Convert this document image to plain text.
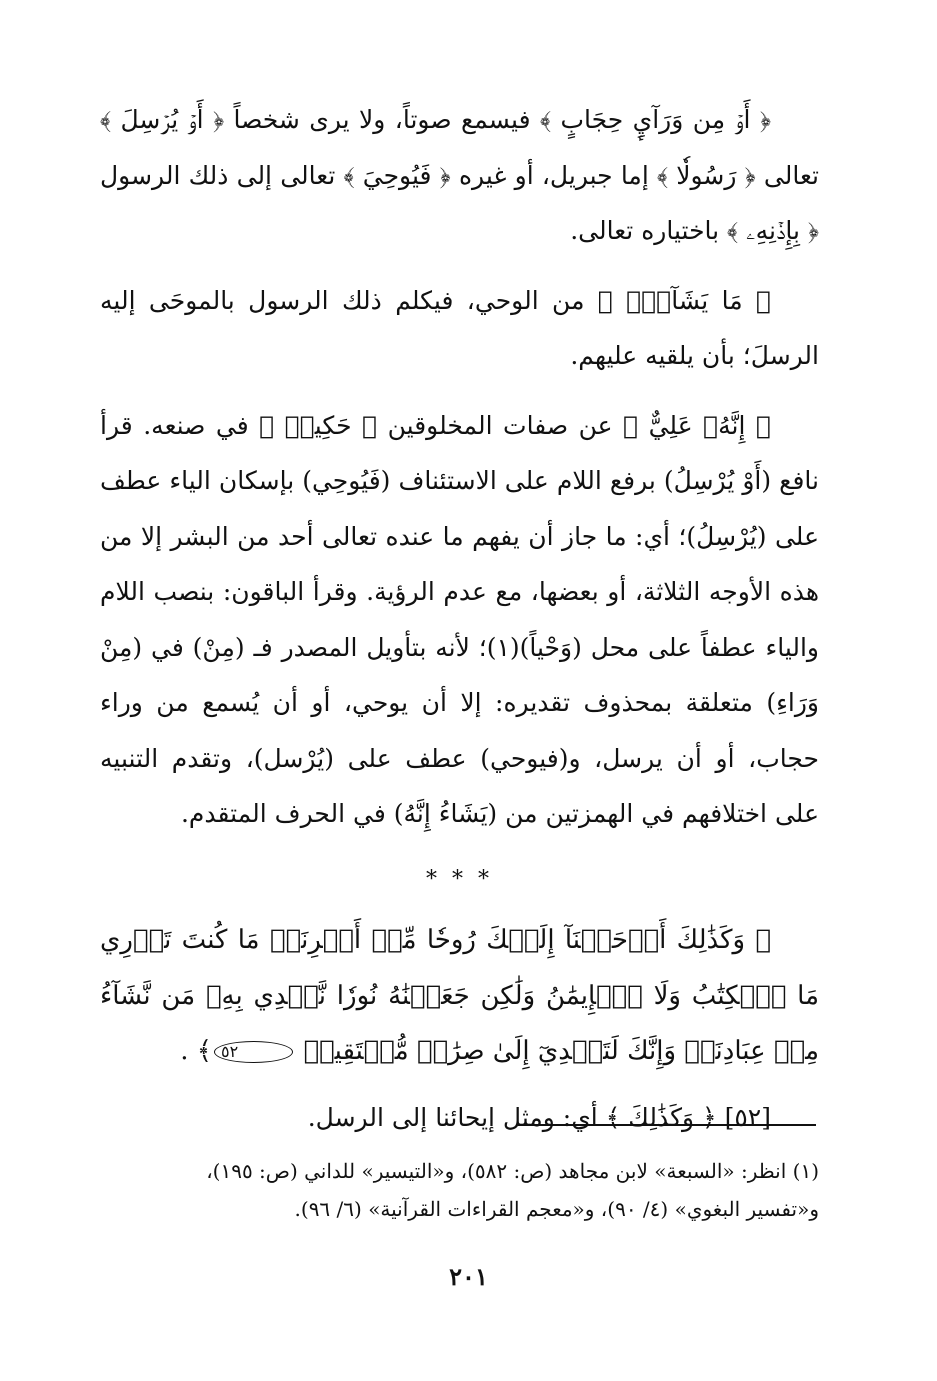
﴿ أَوۡ مِن وَرَآيِٕ حِجَابٍ ﴾ فيسمع صوتاً، ولا يرى شخصاً ﴿ أَوۡ يُرۡسِلَ ﴾ تعالى ﴿ رَسُولٗا ﴾ إما جبريل، أو غيره ﴿ فَيُوحِيَ ﴾ تعالى إلى ذلك الرسول ﴿ بِإِذۡنِهِۦ ﴾ باختياره تعالى.

﴿ مَا يَشَآءُۚ ﴾ من الوحي، فيكلم ذلك الرسول بالموحَى إليه الرسلَ؛ بأن يلقيه عليهم.

﴿ إِنَّهُۥ عَلِيٌّ ﴾ عن صفات المخلوقين ﴿ حَكِيمٞ ﴾ في صنعه. قرأ نافع (أَوْ يُرْسِلُ) برفع اللام على الاستئناف (فَيُوحِي) بإسكان الياء عطف على (يُرْسِلُ)؛ أي: ما جاز أن يفهم ما عنده تعالى أحد من البشر إلا من هذه الأوجه الثلاثة، أو بعضها، مع عدم الرؤية. وقرأ الباقون: بنصب اللام والياء عطفاً على محل (وَحْياً)(١)؛ لأنه بتأويل المصدر فـ (مِنْ) في (مِنْ وَرَاءِ) متعلقة بمحذوف تقديره: إلا أن يوحي، أو أن يُسمع من وراء حجاب، أو أن يرسل، و(فيوحي) عطف على (يُرْسل)، وتقدم التنبيه على اختلافهم في الهمزتين من (يَشَاءُ إِنَّهُ) في الحرف المتقدم.

* * *

﴿ وَكَذَٰلِكَ أَوۡحَيۡنَآ إِلَيۡكَ رُوحٗا مِّنۡ أَمۡرِنَاۚ مَا كُنتَ تَدۡرِي مَا ٱلۡكِتَٰبُ وَلَا ٱلۡإِيمَٰنُ وَلَٰكِن جَعَلۡنَٰهُ نُورٗا نَّهۡدِي بِهِۦ مَن نَّشَآءُ مِنۡ عِبَادِنَاۚ وَإِنَّكَ لَتَهۡدِيٓ إِلَىٰ صِرَٰطٖ مُّسۡتَقِيمٖ ٥٢﴾ .

[٥٢] ﴿ وَكَذَٰلِكَ ﴾ أي: ومثل إيحائنا إلى الرسل.

(١) انظر: «السبعة» لابن مجاهد (ص: ٥٨٢)، و«التيسير» للداني (ص: ١٩٥)،
و«تفسير البغوي» (٤/ ٩٠)، و«معجم القراءات القرآنية» (٦/ ٩٦).
٢٠١
